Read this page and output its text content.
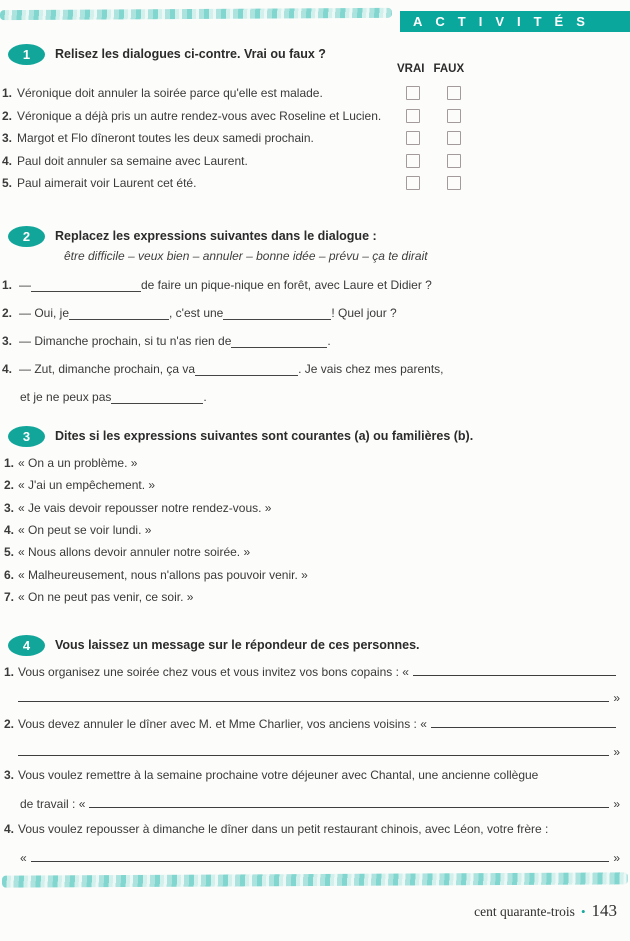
ACTIVITÉS
1	Relisez les dialogues ci-contre. Vrai ou faux ?
VRAI FAUX
1. Véronique doit annuler la soirée parce qu'elle est malade.
2. Véronique a déjà pris un autre rendez-vous avec Roseline et Lucien.
3. Margot et Flo dîneront toutes les deux samedi prochain.
4. Paul doit annuler sa semaine avec Laurent.
5. Paul aimerait voir Laurent cet été.
2	Replacez les expressions suivantes dans le dialogue :
être difficile – veux bien – annuler – bonne idée – prévu – ça te dirait
1. —	de faire un pique-nique en forêt, avec Laure et Didier ?
2. — Oui, je	, c'est une	! Quel jour ?
3. — Dimanche prochain, si tu n'as rien de	.
4. — Zut, dimanche prochain, ça va	. Je vais chez mes parents,
et je ne peux pas	.
3	Dites si les expressions suivantes sont courantes (a) ou familières (b).
1. « On a un problème. »
2. « J'ai un empêchement. »
3. « Je vais devoir repousser notre rendez-vous. »
4. « On peut se voir lundi. »
5. « Nous allons devoir annuler notre soirée. »
6. « Malheureusement, nous n'allons pas pouvoir venir. »
7. « On ne peut pas venir, ce soir. »
4	Vous laissez un message sur le répondeur de ces personnes.
1. Vous organisez une soirée chez vous et vous invitez vos bons copains : «
»
2. Vous devez annuler le dîner avec M. et Mme Charlier, vos anciens voisins : «
»
3. Vous voulez remettre à la semaine prochaine votre déjeuner avec Chantal, une ancienne collègue
de travail : «	»
4. Vous voulez repousser à dimanche le dîner dans un petit restaurant chinois, avec Léon, votre frère :
«	»
cent quarante-trois • 143
